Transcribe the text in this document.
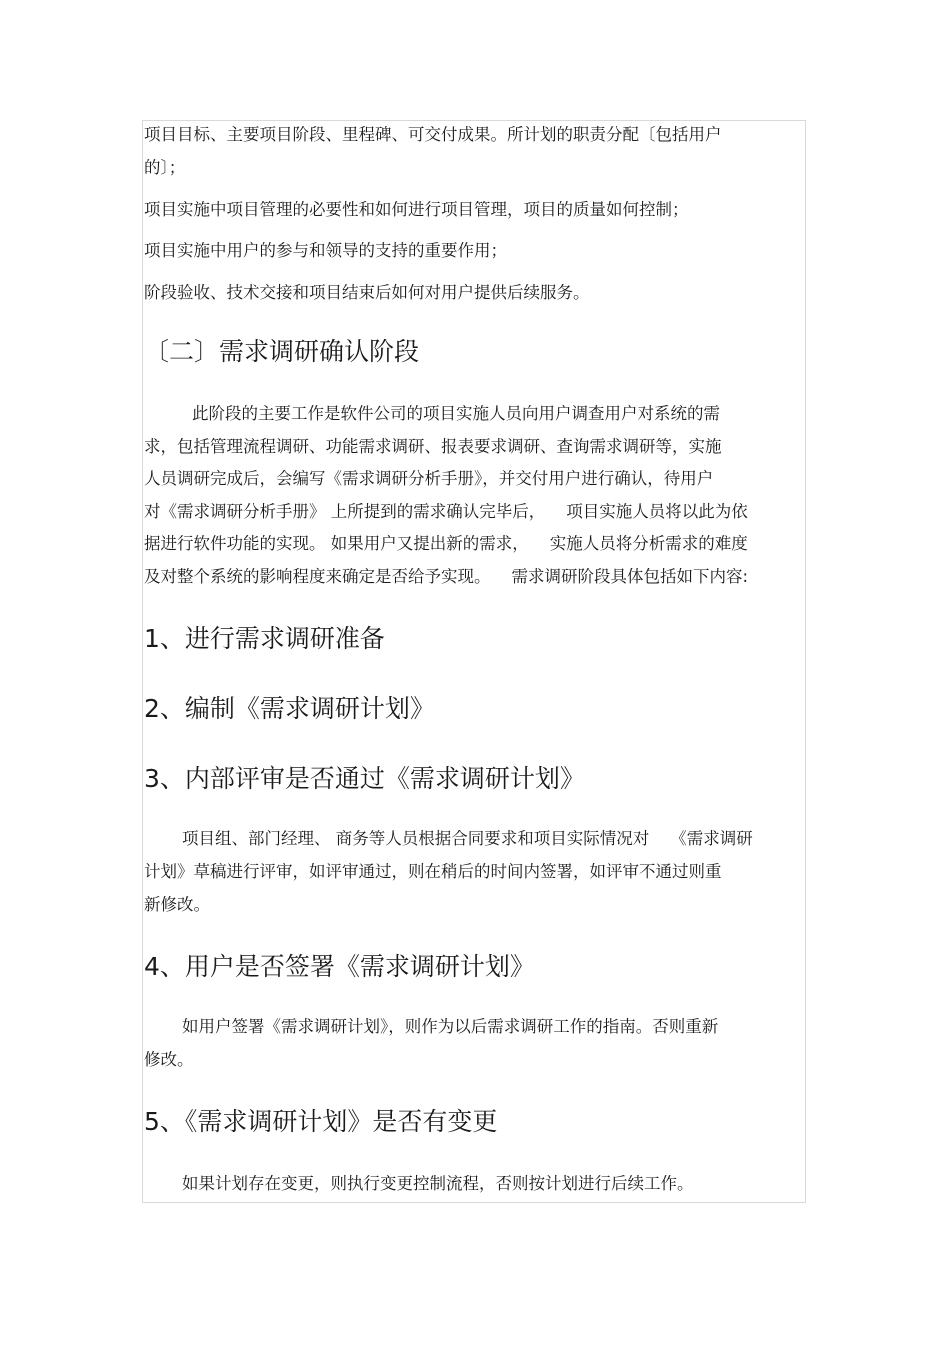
项目目标、主要项目阶段、里程碑、可交付成果。所计划的职责分配〔包括用户
的〕；
项目实施中项目管理的必要性和如何进行项目管理，项目的质量如何控制；
项目实施中用户的参与和领导的支持的重要作用；
阶段验收、技术交接和项目结束后如何对用户提供后续服务。
〔二〕需求调研确认阶段
此阶段的主要工作是软件公司的项目实施人员向用户调查用户对系统的需
求，包括管理流程调研、功能需求调研、报表要求调研、查询需求调研等，实施
人员调研完成后，会编写《需求调研分析手册》，并交付用户进行确认，待用户
对《需求调研分析手册》 上所提到的需求确认完毕后，    项目实施人员将以此为依
据进行软件功能的实现。 如果用户又提出新的需求，    实施人员将分析需求的难度
及对整个系统的影响程度来确定是否给予实现。    需求调研阶段具体包括如下内容:
1、进行需求调研准备
2、编制《需求调研计划》
3、内部评审是否通过《需求调研计划》
项目组、部门经理、 商务等人员根据合同要求和项目实际情况对    《需求调研
计划》草稿进行评审，如评审通过，则在稍后的时间内签署，如评审不通过则重
新修改。
4、用户是否签署《需求调研计划》
如用户签署《需求调研计划》，则作为以后需求调研工作的指南。否则重新
修改。
5、《需求调研计划》是否有变更
如果计划存在变更，则执行变更控制流程，否则按计划进行后续工作。
